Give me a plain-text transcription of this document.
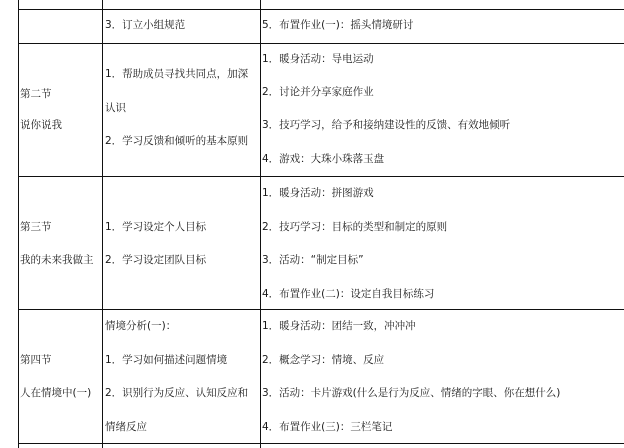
3．订立小组规范	5．布置作业(一)：摇头情境研讨
第二节
说你说我
1．帮助成员寻找共同点，加深
认识
2．学习反馈和倾听的基本原则
1．暖身活动：导电运动
2．讨论并分享家庭作业
3．技巧学习，给予和接纳建设性的反馈、有效地倾听
4．游戏：大珠小珠落玉盘
第三节
我的未来我做主
1．学习设定个人目标
2．学习设定团队目标
1．暖身活动：拼图游戏
2．技巧学习：目标的类型和制定的原则
3．活动：“制定目标”
4．布置作业(二)：设定自我目标练习
第四节
人在情境中(一)
情境分析(一)：
1．学习如何描述问题情境
2．识别行为反应、认知反应和
情绪反应
1．暖身活动：团结一致，冲冲冲
2．概念学习：情境、反应
3．活动：卡片游戏(什么是行为反应、情绪的字眼、你在想什么)
4．布置作业(三)：三栏笔记
